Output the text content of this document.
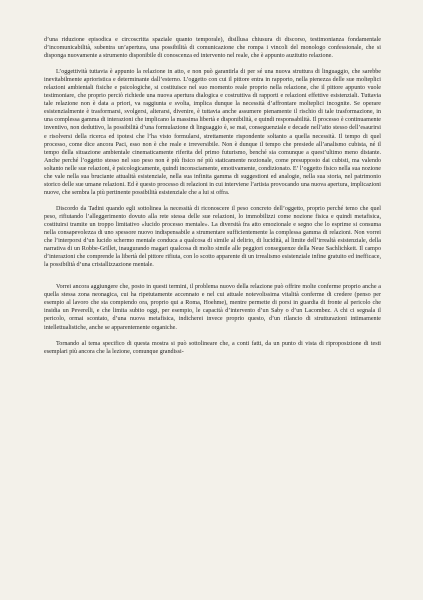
d’una riduzione episodica e circoscritta spaziale quanto temporale), disillusa chiusura di discorso, testimonianza fondamentale d’incomunicabilità, subentra un’apertura, una possibilità di comunicazione che rompa i vincoli del monologo confessionale, che si disponga nuovamente a strumento disponibile di conoscenza ed intervento nel reale, che è appunto auzitutto relazione.

L’oggettività tuttavia è appunto la relazione in atto, e non può garantirla di per sé una nuova struttura di linguaggio, che sarebbe inevitabilmente aprioristica e determinante dall’esterno. L’oggetto con cui il pittore entra in rapporto, nella pienezza delle sue molteplici relazioni ambientali fisiche e psicologiche, si costituisce nel suo momento reale proprio nella relazione, che il pittore appunto vuole testimoniare, che proprio perciò richiede una nuova apertura dialogica e costruttiva di rapporti e relazioni effettive esistenziali. Tuttavia tale relazione non è data a priori, va raggiunta e svolta, implica dunque la necessità d’affrontare molteplici incognite. Se operare esistenzialmente è trasformarsi, svolgersi, alterarsi, divenire, è tuttavia anche assumere pienamente il rischio di tale trasformazione, in una complessa gamma di interazioni che implicano la massima libertà e disponibilità, e quindi responsabilità. Il processo è continuamente inventivo, non deduttivo, la possibilità d’una formulazione di linguaggio è, se mai, conseguenziale e decade nell’atto stesso dell’esaurirsi e risolversi della ricerca ed ipotesi che l’ha visto formularsi, strettamente rispondente soltanto a quella necessità. Il tempo di quel processo, come dice ancora Paci, esso non è che reale e irreversibile. Non è dunque il tempo che presiede all’analismo cubista, né il tempo della situazione ambientale cinematicamente riferita del primo futurismo, benché sia comunque a quest’ultimo meno distante. Anche perché l’oggetto stesso nel suo peso non è più fisico né più staticamente nozionale, come presupposto dai cubisti, ma valendo soltanto nelle sue relazioni, è psicologicamente, quindi inconsciamente, emotivamente, condizionato. E’ l’oggetto fisico nella sua nozione che vale nella sua bruciante attualità esistenziale, nella sua infinita gamma di suggestioni ed analogie, nella sua storia, nel patrimonio storico delle sue umane relazioni. Ed è questo processo di relazioni in cui interviene l’artista provocando una nuova apertura, implicazioni nuove, che sembra la più pertinente possibilità esistenziale che a lui si offra.

Discordo da Tadini quando egli sottolinea la necessità di riconoscere il peso concreto dell’oggetto, proprio perché temo che quel peso, rifiutando l’alleggerimento dovuto alla rete stessa delle sue relazioni, lo immobilizzi come nozione fisica e quindi metafisica, costituirsi tramite un troppo limitativo «lucido processo mentale». La diversità fra atto emozionale e segno che lo esprime si consuma nella consapevolezza di uno spessore nuovo indispensabile a strumentare sufficientemente la complessa gamma di relazioni. Non vorrei che l’interporsi d’un lucido schermo mentale conduca a qualcosa di simile al delirio, di lucidità, al limite dell’irrealtà esistenziale, della narrativa di un Robbe-Grillet, inaugurando magari qualcosa di molto simile alle peggiori conseguenze della Neue Sachlichkeit. Il campo d’interazioni che comprende la libertà del pittore rifiuta, con lo scotto apparente di un irrealismo esistenziale infine gratuito ed inefficace, la possibilità d’una cristallizzazione mentale.

Vorrei ancora aggiungere che, posto in questi termini, il problema nuovo della relazione può offrire molte conferme proprio anche a quella stessa zona neonagica, cui ha ripetutamente accennato e nel cui attuale notevolissima vitalità conferme di credere (penso per esempio al lavoro che sta compiendo ora, proprio qui a Roma, Hoehme), mentre permette di porsi in guardia di fronte al pericolo che insidia un Peverelli, e che limita subito oggi, per esempio, le capacità d’intervento d’un Saby o d’un Lacombez. A chi ci segnala il pericolo, ormai scontato, d’una nuova metafisica, indicherei invece proprio questo, d’un rilancio di strutturazioni intimamente intellettualistiche, anche se apparentemente organiche.

Tornando al tema specifico di questa mostra si può sottolineare che, a conti fatti, da un punto di vista di riproposizione di testi esemplari più ancora che la lezione, comunque grandissi-
